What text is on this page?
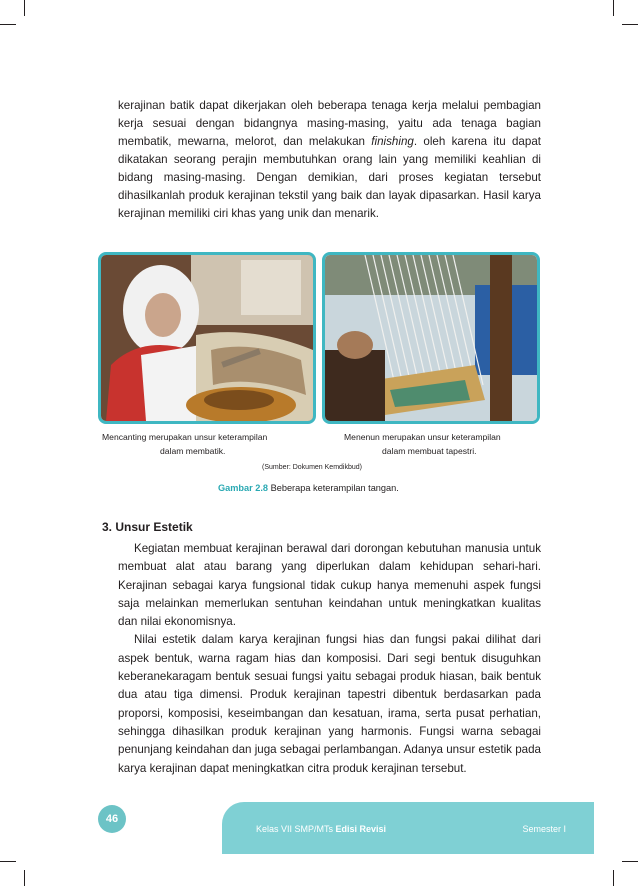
kerajinan batik dapat dikerjakan oleh beberapa tenaga kerja melalui pembagian kerja sesuai dengan bidangnya masing-masing, yaitu ada tenaga bagian membatik, mewarna, melorot, dan melakukan finishing. oleh karena itu dapat dikatakan seorang perajin membutuhkan orang lain yang memiliki keahlian di bidang masing-masing. Dengan demikian, dari proses kegiatan tersebut dihasilkanlah produk kerajinan tekstil yang baik dan layak dipasarkan. Hasil karya kerajinan memiliki ciri khas yang unik dan menarik.

Mencanting merupakan unsur keterampilan
dalam membatik.
Menenun merupakan unsur keterampilan
dalam membuat tapestri.
(Sumber: Dokumen Kemdikbud)
Gambar 2.8 Beberapa keterampilan tangan.
3. Unsur Estetik

Kegiatan membuat kerajinan berawal dari dorongan kebutuhan manusia untuk membuat alat atau barang yang diperlukan dalam kehidupan sehari-hari. Kerajinan sebagai karya fungsional tidak cukup hanya memenuhi aspek fungsi saja melainkan memerlukan sentuhan keindahan untuk meningkatkan kualitas dan nilai ekonomisnya.

Nilai estetik dalam karya kerajinan fungsi hias dan fungsi pakai dilihat dari aspek bentuk, warna ragam hias dan komposisi. Dari segi bentuk disuguhkan keberanekaragam bentuk sesuai fungsi yaitu sebagai produk hiasan, baik bentuk dua atau tiga dimensi. Produk kerajinan tapestri dibentuk berdasarkan pada proporsi, komposisi, keseimbangan dan kesatuan, irama, serta pusat perhatian, sehingga dihasilkan produk kerajinan yang harmonis. Fungsi warna sebagai penunjang keindahan dan juga sebagai perlambangan. Adanya unsur estetik pada karya kerajinan dapat meningkatkan citra produk kerajinan tersebut.

Kelas VII SMP/MTs Edisi Revisi	Semester I
46
